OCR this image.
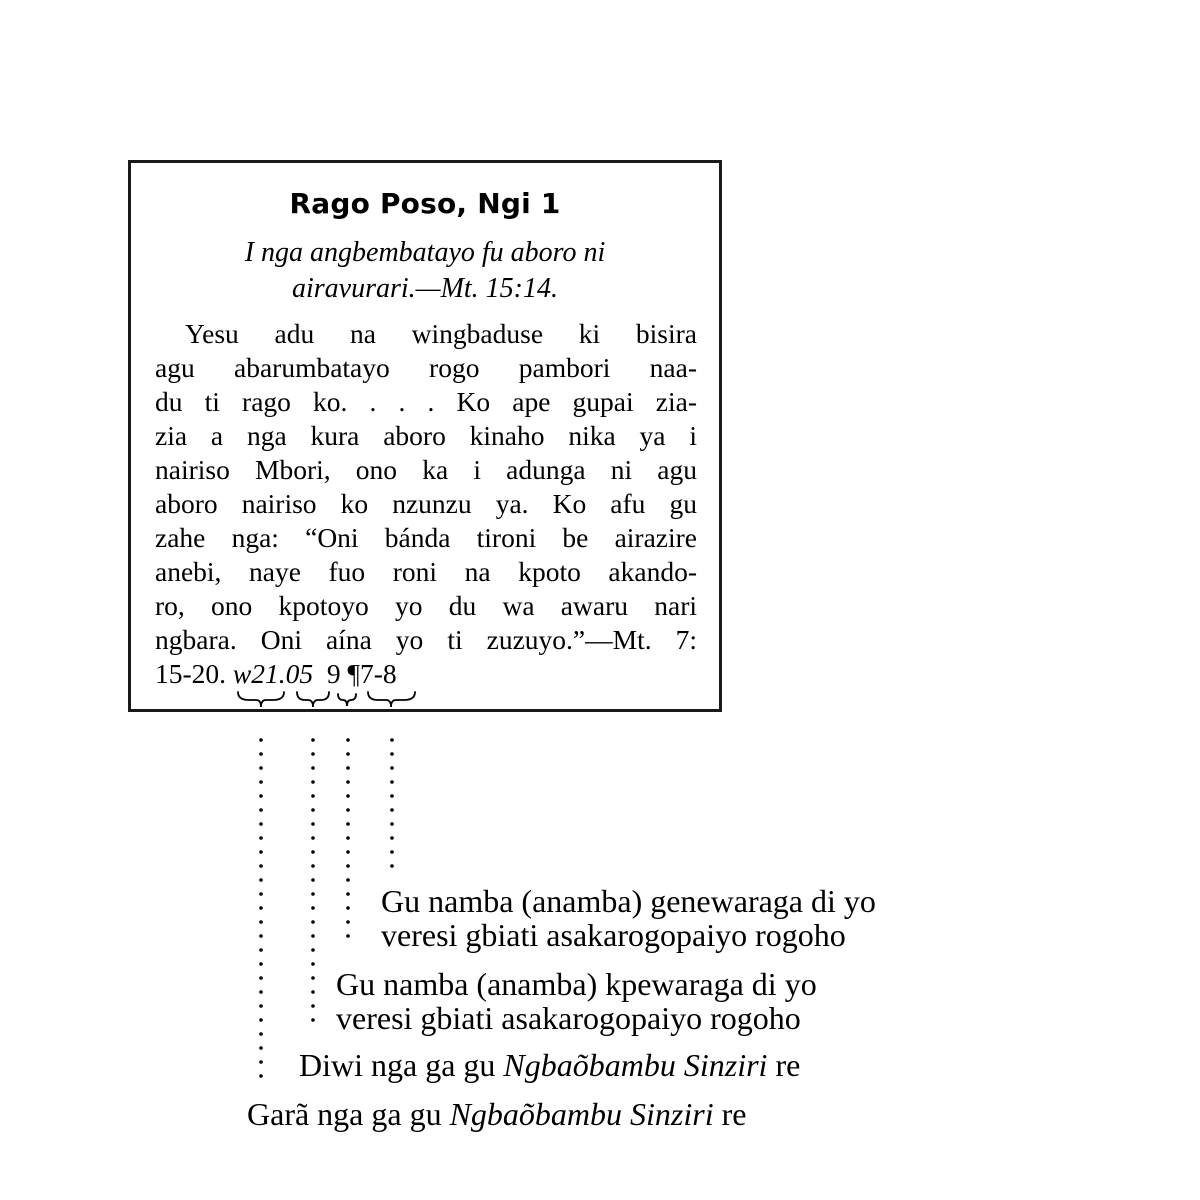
Rago Poso, Ngi 1
I nga angbembatayo fu aboro ni
airavurari.—Mt. 15:14.
Yesu adu na wingbaduse ki bisira
agu abarumbatayo rogo pambori naa-
du ti rago ko. . . . Ko ape gupai zia-
zia a nga kura aboro kinaho nika ya i
nairiso Mbori, ono ka i adunga ni agu
aboro nairiso ko nzunzu ya. Ko afu gu
zahe nga: “Oni bánda tironi be airazire
anebi, naye fuo roni na kpoto akando-
ro, ono kpotoyo yo du wa awaru nari
ngbara. Oni aína yo ti zuzuyo.”—Mt. 7:
15-20. w21.05 9 ¶7-8
Gu namba (anamba) genewaraga di yo
veresi gbiati asakarogopaiyo rogoho
Gu namba (anamba) kpewaraga di yo
veresi gbiati asakarogopaiyo rogoho
Diwi nga ga gu Ngbaõbambu Sinziri re
Garã nga ga gu Ngbaõbambu Sinziri re
